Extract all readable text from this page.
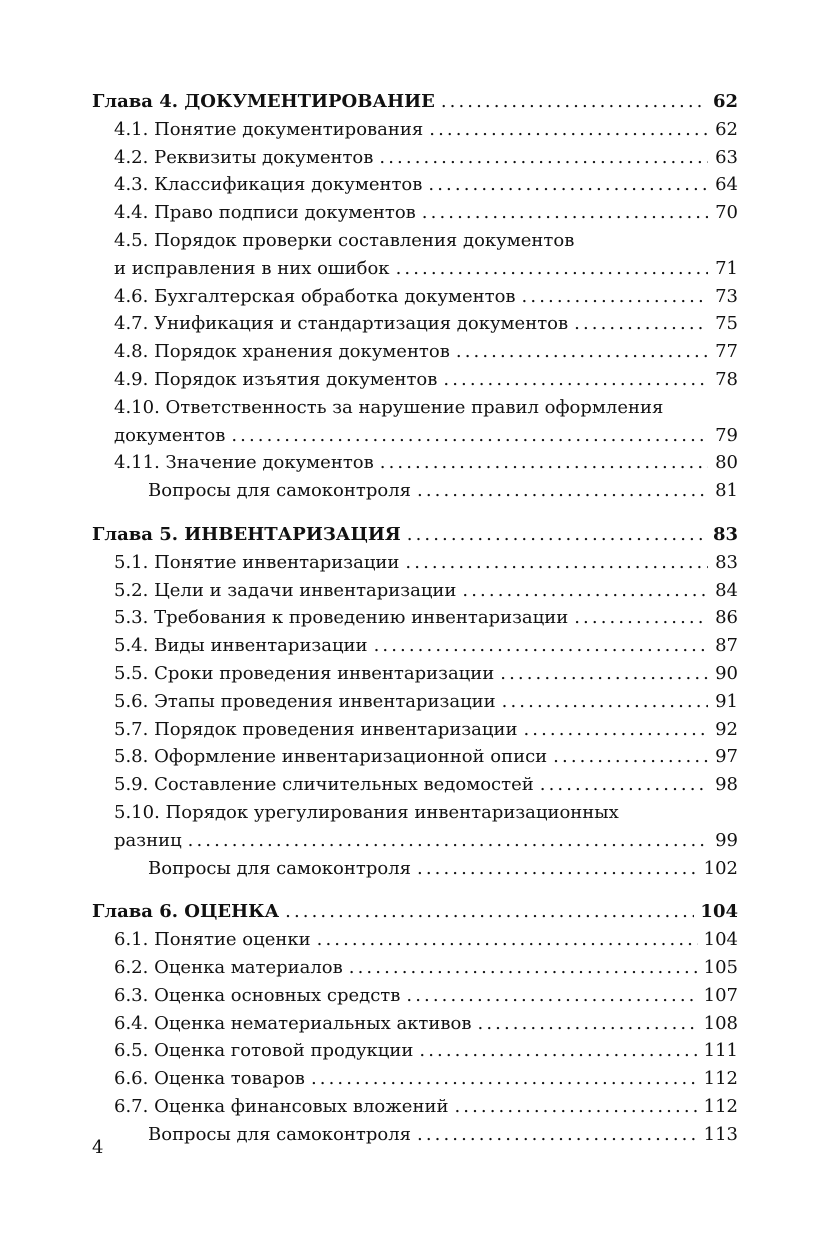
Глава 4. ДОКУМЕНТИРОВАНИЕ .....	62
4.1. Понятие документирования .....	62
4.2. Реквизиты документов .....	63
4.3. Классификация документов .....	64
4.4. Право подписи документов .....	70
4.5. Порядок проверки составления документов
и исправления в них ошибок .....	71
4.6. Бухгалтерская обработка документов .....	73
4.7. Унификация и стандартизация документов .....	75
4.8. Порядок хранения документов .....	77
4.9. Порядок изъятия документов .....	78
4.10. Ответственность за нарушение правил оформления
документов .....	79
4.11. Значение документов .....	80
Вопросы для самоконтроля .....	81
Глава 5. ИНВЕНТАРИЗАЦИЯ .....	83
5.1. Понятие инвентаризации .....	83
5.2. Цели и задачи инвентаризации .....	84
5.3. Требования к проведению инвентаризации .....	86
5.4. Виды инвентаризации .....	87
5.5. Сроки проведения инвентаризации .....	90
5.6. Этапы проведения инвентаризации .....	91
5.7. Порядок проведения инвентаризации .....	92
5.8. Оформление инвентаризационной описи .....	97
5.9. Составление сличительных ведомостей .....	98
5.10. Порядок урегулирования инвентаризационных
разниц .....	99
Вопросы для самоконтроля .....	102
Глава 6. ОЦЕНКА .....	104
6.1. Понятие оценки .....	104
6.2. Оценка материалов .....	105
6.3. Оценка основных средств .....	107
6.4. Оценка нематериальных активов .....	108
6.5. Оценка готовой продукции .....	111
6.6. Оценка товаров .....	112
6.7. Оценка финансовых вложений .....	112
Вопросы для самоконтроля .....	113
4
